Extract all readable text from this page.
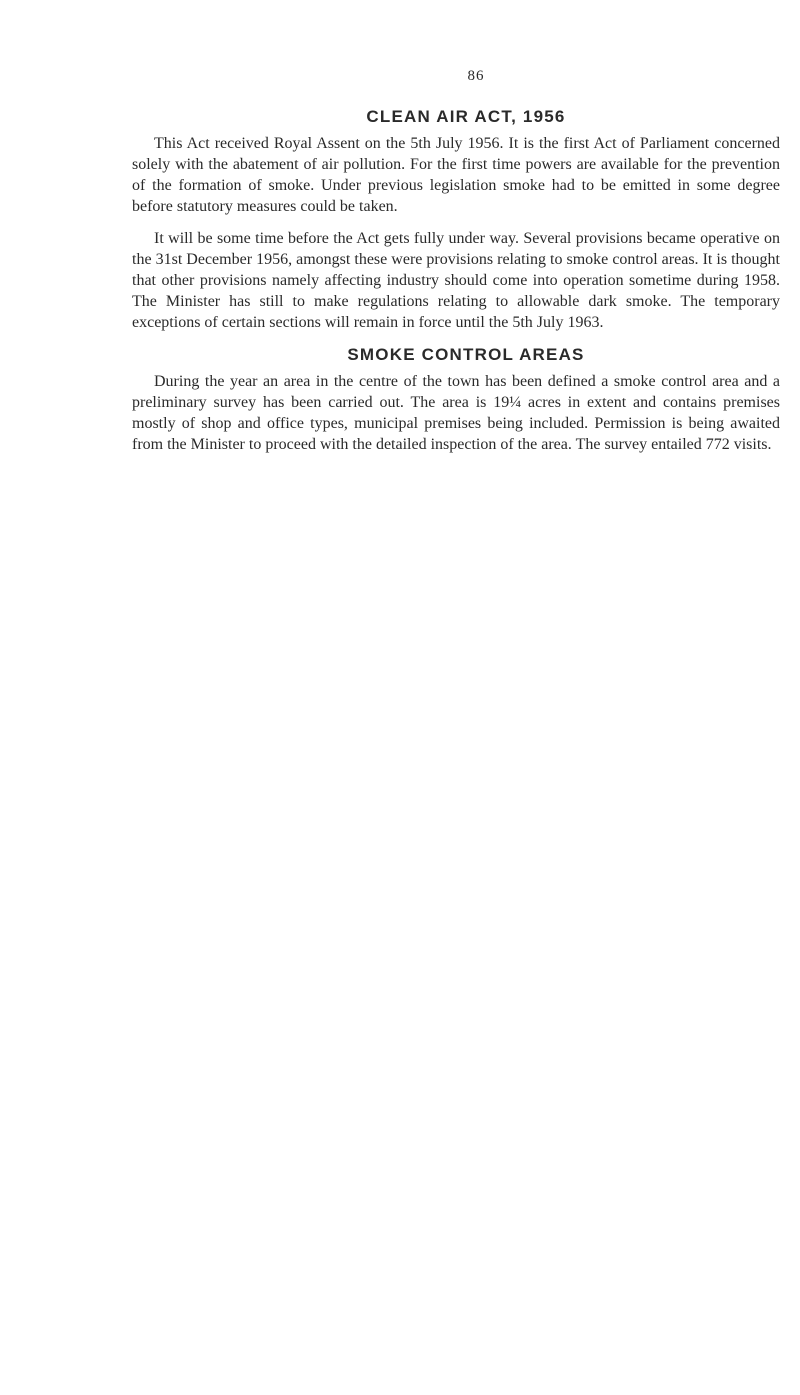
86
CLEAN AIR ACT, 1956

This Act received Royal Assent on the 5th July 1956. It is the first Act of Parliament concerned solely with the abatement of air pollution. For the first time powers are available for the prevention of the formation of smoke. Under previous legislation smoke had to be emitted in some degree before statutory measures could be taken.

It will be some time before the Act gets fully under way. Several provisions became operative on the 31st December 1956, amongst these were provisions relating to smoke control areas. It is thought that other provisions namely affecting industry should come into operation sometime during 1958. The Minister has still to make regulations relating to allowable dark smoke. The temporary exceptions of certain sections will remain in force until the 5th July 1963.

SMOKE CONTROL AREAS

During the year an area in the centre of the town has been defined a smoke control area and a preliminary survey has been carried out. The area is 19¼ acres in extent and contains premises mostly of shop and office types, municipal premises being included. Permission is being awaited from the Minister to proceed with the detailed inspection of the area. The survey entailed 772 visits.
